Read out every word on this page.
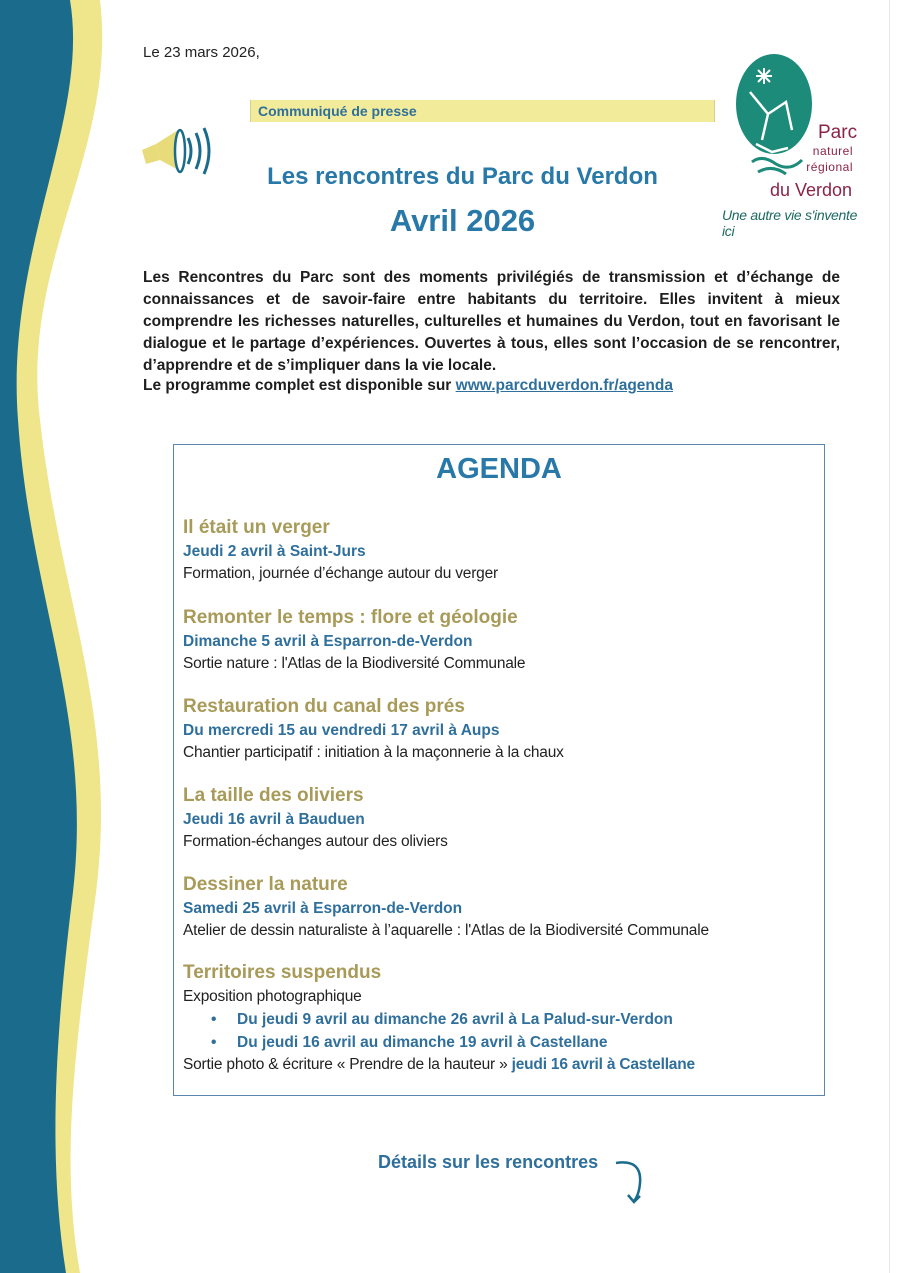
Le 23 mars 2026,
Communiqué de presse
Les rencontres du Parc du Verdon
Avril 2026
Parc
naturel
régional
du Verdon
Une autre vie s'invente ici
Les Rencontres du Parc sont des moments privilégiés de transmission et d’échange de connaissances et de savoir-faire entre habitants du territoire. Elles invitent à mieux comprendre les richesses naturelles, culturelles et humaines du Verdon, tout en favorisant le dialogue et le partage d’expériences. Ouvertes à tous, elles sont l’occasion de se rencontrer, d’apprendre et de s’impliquer dans la vie locale.
Le programme complet est disponible sur www.parcduverdon.fr/agenda
AGENDA
Il était un verger
Jeudi 2 avril à Saint-Jurs
Formation, journée d’échange autour du verger
Remonter le temps : flore et géologie
Dimanche 5 avril à Esparron-de-Verdon
Sortie nature : l'Atlas de la Biodiversité Communale
Restauration du canal des prés
Du mercredi 15 au vendredi 17 avril à Aups
Chantier participatif : initiation à la maçonnerie à la chaux
La taille des oliviers
Jeudi 16 avril à Bauduen
Formation-échanges autour des oliviers
Dessiner la nature
Samedi 25 avril à Esparron-de-Verdon
Atelier de dessin naturaliste à l’aquarelle : l'Atlas de la Biodiversité Communale
Territoires suspendus
Exposition photographique
• Du jeudi 9 avril au dimanche 26 avril à La Palud-sur-Verdon
• Du jeudi 16 avril au dimanche 19 avril à Castellane
Sortie photo & écriture « Prendre de la hauteur » jeudi 16 avril à Castellane
Détails sur les rencontres
